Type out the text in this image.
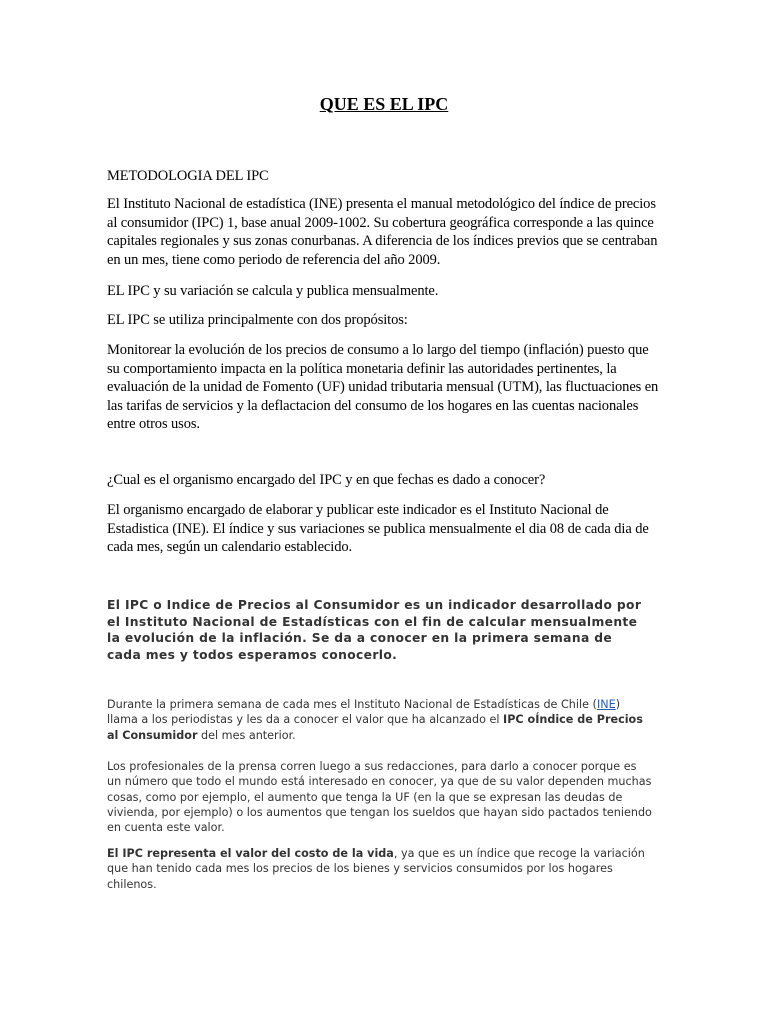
QUE ES EL IPC

METODOLOGIA DEL IPC

El Instituto Nacional de estadística (INE) presenta el manual metodológico del índice de precios al consumidor (IPC) 1, base anual 2009-1002. Su cobertura geográfica corresponde a las quince capitales regionales y sus zonas conurbanas. A diferencia de los índices previos que se centraban en un mes, tiene como periodo de referencia del año 2009.

EL IPC y su variación se calcula y publica mensualmente.

EL IPC se utiliza principalmente con dos propósitos:

Monitorear la evolución de los precios de consumo a lo largo del tiempo (inflación) puesto que su comportamiento impacta en la política monetaria definir las autoridades pertinentes, la evaluación de la unidad de Fomento (UF) unidad tributaria mensual (UTM), las fluctuaciones en las tarifas de servicios y la deflactacion del consumo de los hogares en las cuentas nacionales entre otros usos.

¿Cual es el organismo encargado del IPC y en que fechas es dado a conocer?

El organismo encargado de elaborar y publicar este indicador es el Instituto Nacional de Estadistica (INE). El índice y sus variaciones se publica mensualmente el dia 08 de cada dia de cada mes, según un calendario establecido.

El IPC o Indice de Precios al Consumidor es un indicador desarrollado por el Instituto Nacional de Estadísticas con el fin de calcular mensualmente la evolución de la inflación. Se da a conocer en la primera semana de cada mes y todos esperamos conocerlo.

Durante la primera semana de cada mes el Instituto Nacional de Estadísticas de Chile (INE) llama a los periodistas y les da a conocer el valor que ha alcanzado el IPC oÍndice de Precios al Consumidor del mes anterior.

Los profesionales de la prensa corren luego a sus redacciones, para darlo a conocer porque es un número que todo el mundo está interesado en conocer, ya que de su valor dependen muchas cosas, como por ejemplo, el aumento que tenga la UF (en la que se expresan las deudas de vivienda, por ejemplo) o los aumentos que tengan los sueldos que hayan sido pactados teniendo en cuenta este valor.

El IPC representa el valor del costo de la vida, ya que es un índice que recoge la variación que han tenido cada mes los precios de los bienes y servicios consumidos por los hogares chilenos.
